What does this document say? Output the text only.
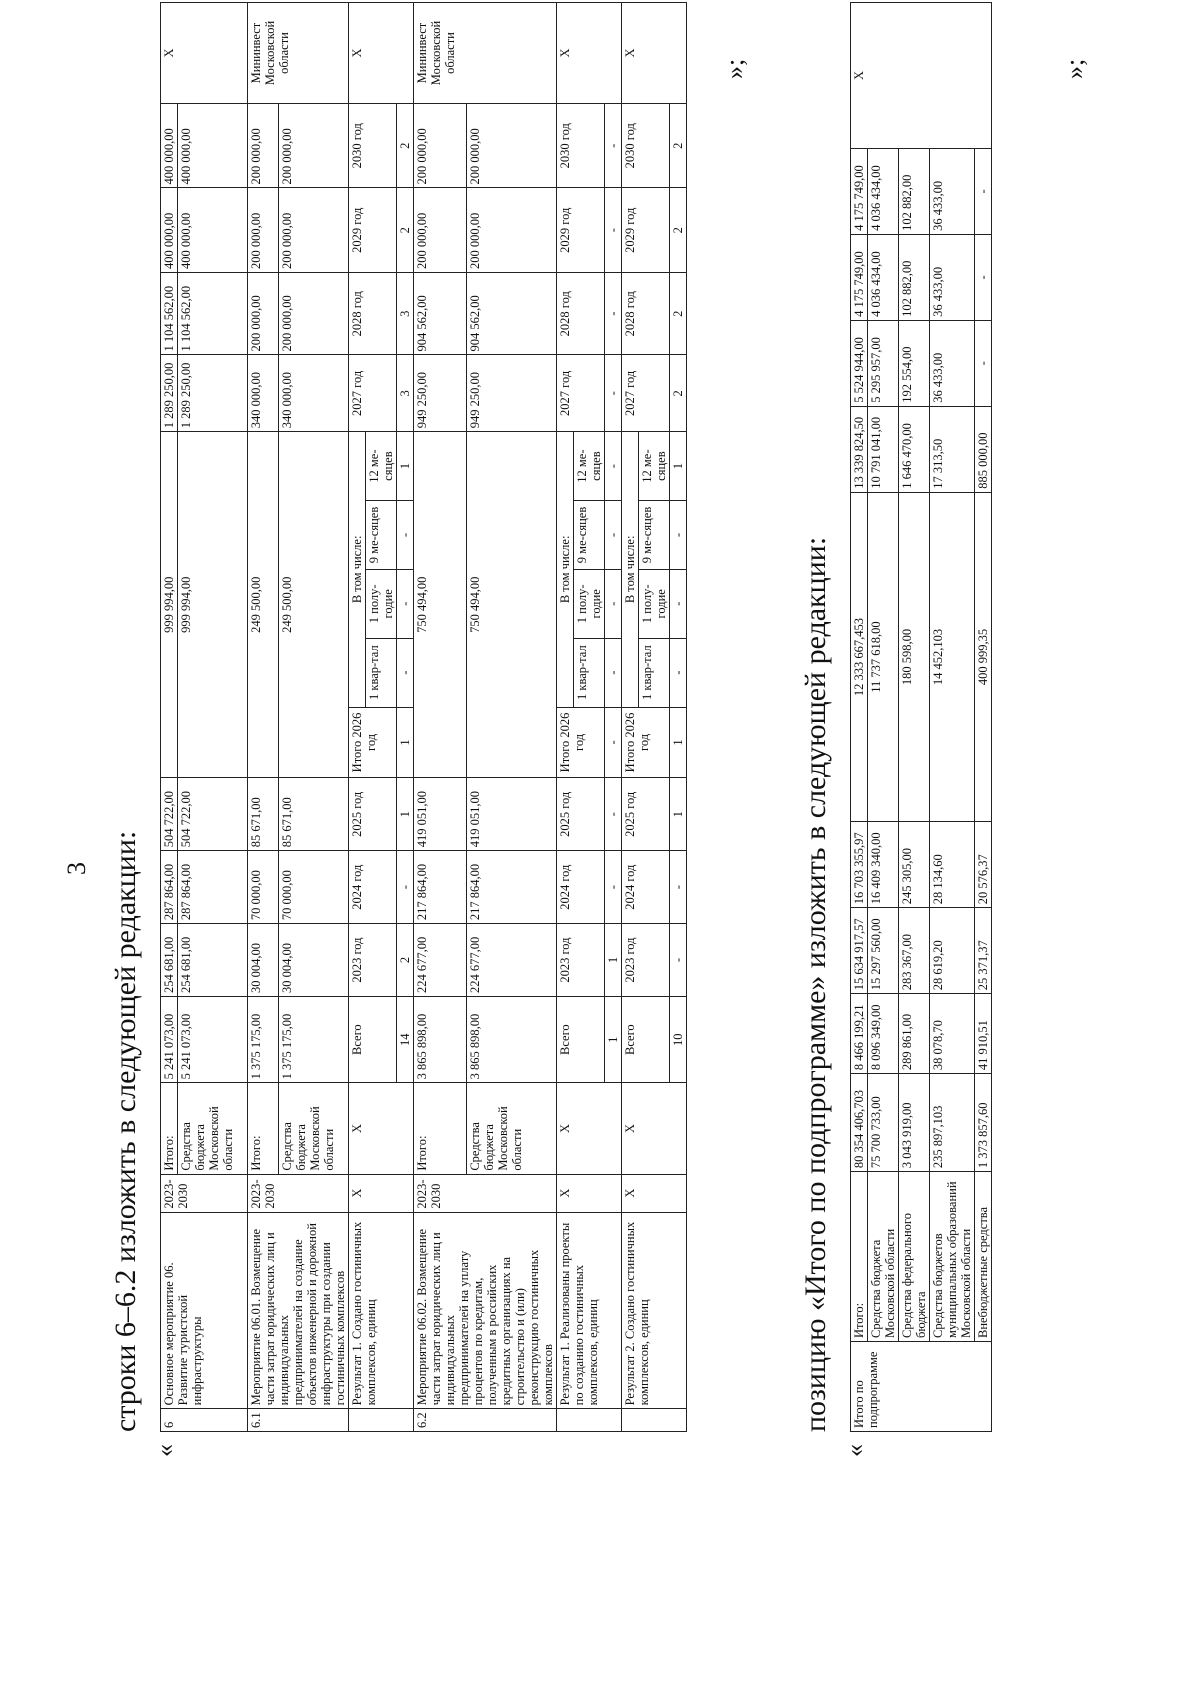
3 строки 6–6.2 изложить в следующей редакции:
«
6	Основное мероприятие 06. Развитие туристской инфраструктуры	2023-2030	Итого:	5 241 073,00	254 681,00	287 864,00	504 722,00	999 994,00					1 289 250,00	1 104 562,00	400 000,00	400 000,00	Х
			Средства бюджета Московской области	5 241 073,00	254 681,00	287 864,00	504 722,00	999 994,00					1 289 250,00	1 104 562,00	400 000,00	400 000,00	
6.1	Мероприятие 06.01. Возмещение части затрат юридических лиц и индивидуальных предпринимателей на создание объектов инженерной и дорожной инфраструктуры при создании гостиничных комплексов	2023-2030	Итого:	1 375 175,00	30 004,00	70 000,00	85 671,00	249 500,00					340 000,00	200 000,00	200 000,00	200 000,00	Мининвест Московской области
			Средства бюджета Московской области	1 375 175,00	30 004,00	70 000,00	85 671,00	249 500,00					340 000,00	200 000,00	200 000,00	200 000,00	
	Результат 1. Создано гостиничных комплексов, единиц	Х	Х	Всего	2023 год	2024 год	2025 год	Итого 2026 год	В том числе:				2027 год	2028 год	2029 год	2030 год	Х
									1 квар-тал	1 полу-годие	9 ме-сяцев	12 ме-сяцев					
				14	2	-	1	1	-	-	-	1	3	3	2	2	
6.2	Мероприятие 06.02. Возмещение части затрат юридических лиц и индивидуальных предпринимателей на уплату процентов по кредитам, полученным в российских кредитных организациях на строительство и (или) реконструкцию гостиничных комплексов	2023-2030	Итого:	3 865 898,00	224 677,00	217 864,00	419 051,00	750 494,00					949 250,00	904 562,00	200 000,00	200 000,00	Мининвест Московской области
			Средства бюджета Московской области	3 865 898,00	224 677,00	217 864,00	419 051,00	750 494,00					949 250,00	904 562,00	200 000,00	200 000,00	
	Результат 1. Реализованы проекты по созданию гостиничных комплексов, единиц	Х	Х	Всего	2023 год	2024 год	2025 год	Итого 2026 год	В том числе:				2027 год	2028 год	2029 год	2030 год	Х
									1 квар-тал	1 полу-годие	9 ме-сяцев	12 ме-сяцев					
				1	1	-	-	-	-	-	-	-	-	-	-	-	
	Результат 2. Создано гостиничных комплексов, единиц	Х	Х	Всего	2023 год	2024 год	2025 год	Итого 2026 год	В том числе:				2027 год	2028 год	2029 год	2030 год	Х
									1 квар-тал	1 полу-годие	9 ме-сяцев	12 ме-сяцев					
				10	-	-	1	1	-	-	-	1	2	2	2	2	
»;
позицию «Итого по подпрограмме» изложить в следующей редакции:
«
Итого по подпрограмме	Итого:	80 354 406,703	8 466 199,21	15 634 917,57	16 703 355,97	12 333 667,453	13 339 824,50	5 524 944,00	4 175 749,00	4 175 749,00	Х
	Средства бюджета Московской области	75 700 733,00	8 096 349,00	15 297 560,00	16 409 340,00	11 737 618,00	10 791 041,00	5 295 957,00	4 036 434,00	4 036 434,00	
	Средства федерального бюджета	3 043 919,00	289 861,00	283 367,00	245 305,00	180 598,00	1 646 470,00	192 554,00	102 882,00	102 882,00	
	Средства бюджетов муниципальных образований Московской области	235 897,103	38 078,70	28 619,20	28 134,60	14 452,103	17 313,50	36 433,00	36 433,00	36 433,00	
	Внебюджетные средства	1 373 857,60	41 910,51	25 371,37	20 576,37	400 999,35	885 000,00	-	-	-	
»;
